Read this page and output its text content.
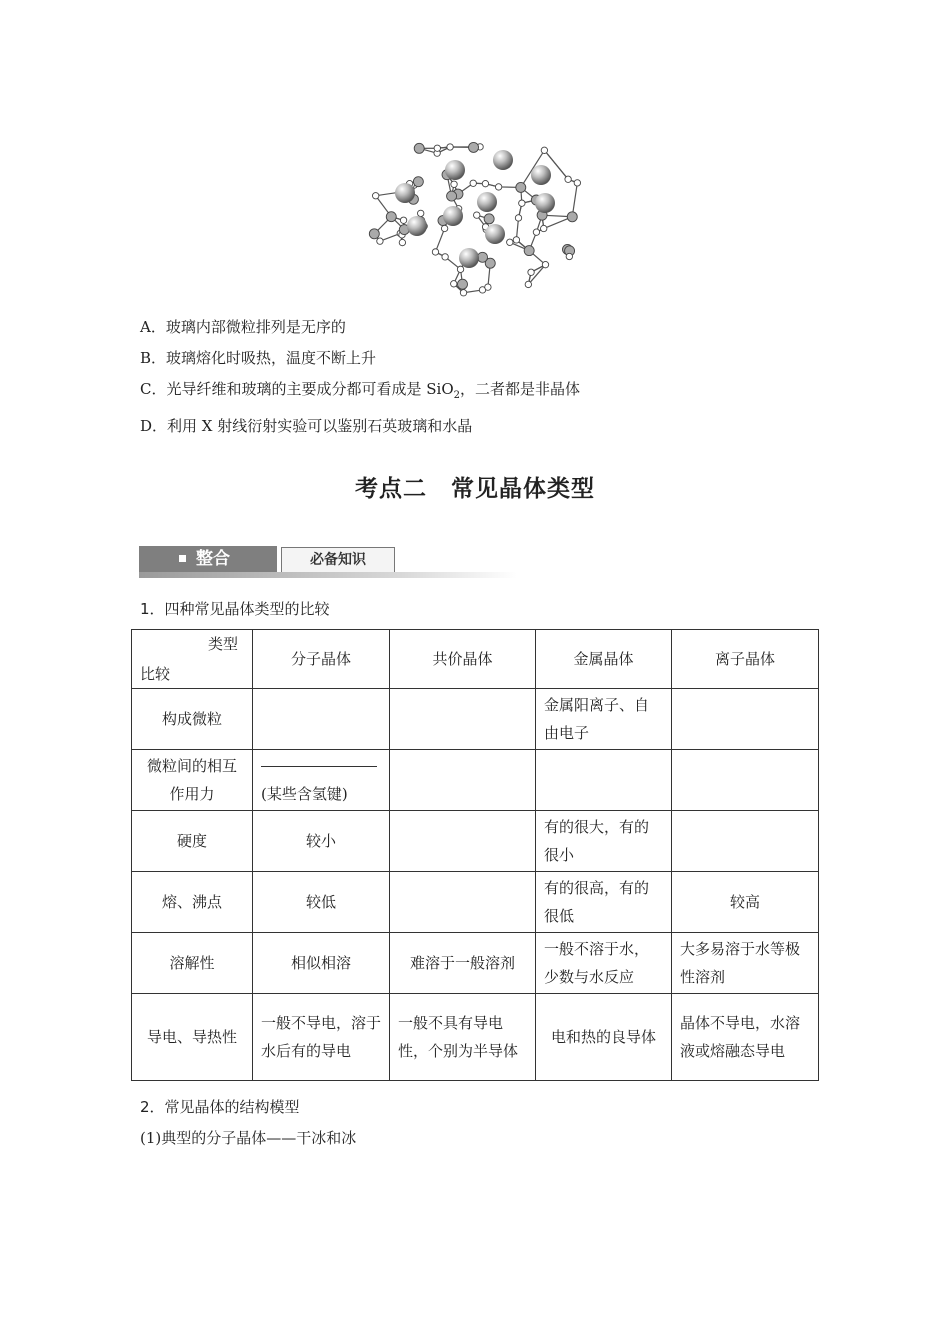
A．玻璃内部微粒排列是无序的
B．玻璃熔化时吸热，温度不断上升
C．光导纤维和玻璃的主要成分都可看成是 SiO$_2$，二者都是非晶体
D．利用 X 射线衍射实验可以鉴别石英玻璃和水晶
考点二　常见晶体类型
整合	必备知识
1．四种常见晶体类型的比较
类型
比较	分子晶体	共价晶体	金属晶体	离子晶体
构成微粒			金属阳离子、自由电子	
微粒间的相互作用力	(某些含氢键)			
硬度	较小		有的很大，有的很小	
熔、沸点	较低		有的很高，有的很低	较高
溶解性	相似相溶	难溶于一般溶剂	一般不溶于水，少数与水反应	大多易溶于水等极性溶剂
导电、导热性	一般不导电，溶于水后有的导电	一般不具有导电性，个别为半导体	电和热的良导体	晶体不导电，水溶液或熔融态导电
2．常见晶体的结构模型
(1)典型的分子晶体——干冰和冰
